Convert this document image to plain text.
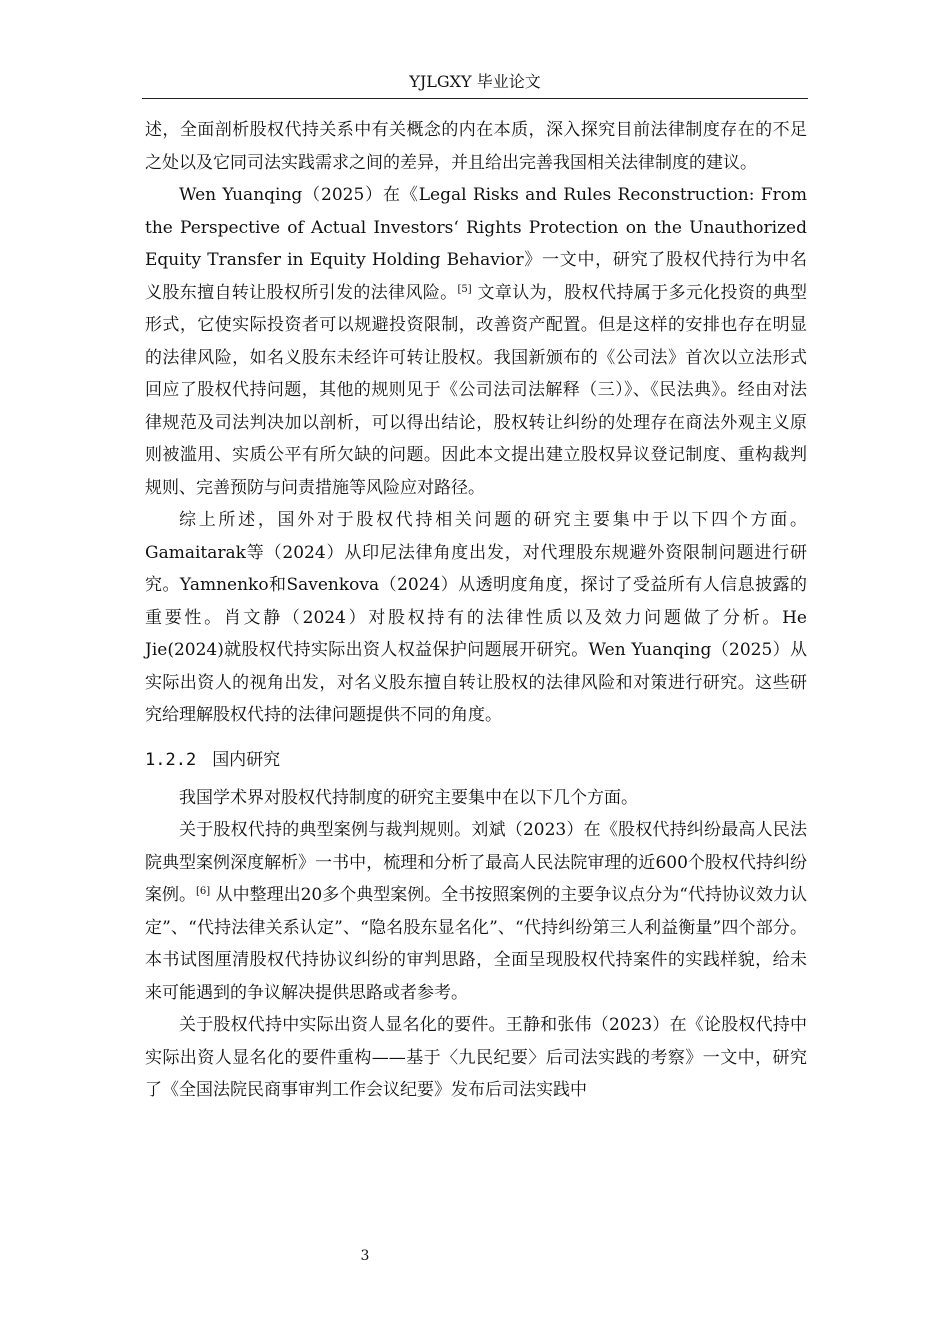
YJLGXY 毕业论文

述，全面剖析股权代持关系中有关概念的内在本质，深入探究目前法律制度存在的不足之处以及它同司法实践需求之间的差异，并且给出完善我国相关法律制度的建议。

Wen Yuanqing（2025）在《Legal Risks and Rules Reconstruction: From the Perspective of Actual Investors‘ Rights Protection on the Unauthorized Equity Transfer in Equity Holding Behavior》一文中，研究了股权代持行为中名义股东擅自转让股权所引发的法律风险。[5] 文章认为，股权代持属于多元化投资的典型形式，它使实际投资者可以规避投资限制，改善资产配置。但是这样的安排也存在明显的法律风险，如名义股东未经许可转让股权。我国新颁布的《公司法》首次以立法形式回应了股权代持问题，其他的规则见于《公司法司法解释（三）》、《民法典》。经由对法律规范及司法判决加以剖析，可以得出结论，股权转让纠纷的处理存在商法外观主义原则被滥用、实质公平有所欠缺的问题。因此本文提出建立股权异议登记制度、重构裁判规则、完善预防与问责措施等风险应对路径。

综上所述，国外对于股权代持相关问题的研究主要集中于以下四个方面。Gamaitarak等（2024）从印尼法律角度出发，对代理股东规避外资限制问题进行研究。Yamnenko和Savenkova（2024）从透明度角度，探讨了受益所有人信息披露的重要性。肖文静（2024）对股权持有的法律性质以及效力问题做了分析。He Jie(2024)就股权代持实际出资人权益保护问题展开研究。Wen Yuanqing（2025）从实际出资人的视角出发，对名义股东擅自转让股权的法律风险和对策进行研究。这些研究给理解股权代持的法律问题提供不同的角度。

1.2.2 国内研究

我国学术界对股权代持制度的研究主要集中在以下几个方面。

关于股权代持的典型案例与裁判规则。刘斌（2023）在《股权代持纠纷最高人民法院典型案例深度解析》一书中，梳理和分析了最高人民法院审理的近600个股权代持纠纷案例。[6] 从中整理出20多个典型案例。全书按照案例的主要争议点分为“代持协议效力认定”、“代持法律关系认定”、“隐名股东显名化”、“代持纠纷第三人利益衡量”四个部分。本书试图厘清股权代持协议纠纷的审判思路，全面呈现股权代持案件的实践样貌，给未来可能遇到的争议解决提供思路或者参考。

关于股权代持中实际出资人显名化的要件。王静和张伟（2023）在《论股权代持中实际出资人显名化的要件重构——基于〈九民纪要〉后司法实践的考察》一文中，研究了《全国法院民商事审判工作会议纪要》发布后司法实践中

3
